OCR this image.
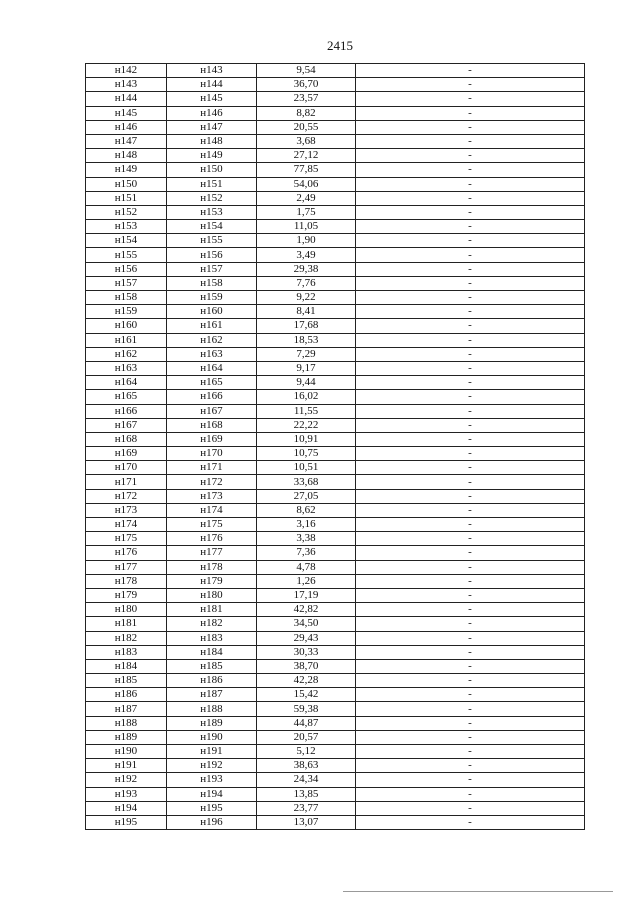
2415
н142	н143	9,54	-
н143	н144	36,70	-
н144	н145	23,57	-
н145	н146	8,82	-
н146	н147	20,55	-
н147	н148	3,68	-
н148	н149	27,12	-
н149	н150	77,85	-
н150	н151	54,06	-
н151	н152	2,49	-
н152	н153	1,75	-
н153	н154	11,05	-
н154	н155	1,90	-
н155	н156	3,49	-
н156	н157	29,38	-
н157	н158	7,76	-
н158	н159	9,22	-
н159	н160	8,41	-
н160	н161	17,68	-
н161	н162	18,53	-
н162	н163	7,29	-
н163	н164	9,17	-
н164	н165	9,44	-
н165	н166	16,02	-
н166	н167	11,55	-
н167	н168	22,22	-
н168	н169	10,91	-
н169	н170	10,75	-
н170	н171	10,51	-
н171	н172	33,68	-
н172	н173	27,05	-
н173	н174	8,62	-
н174	н175	3,16	-
н175	н176	3,38	-
н176	н177	7,36	-
н177	н178	4,78	-
н178	н179	1,26	-
н179	н180	17,19	-
н180	н181	42,82	-
н181	н182	34,50	-
н182	н183	29,43	-
н183	н184	30,33	-
н184	н185	38,70	-
н185	н186	42,28	-
н186	н187	15,42	-
н187	н188	59,38	-
н188	н189	44,87	-
н189	н190	20,57	-
н190	н191	5,12	-
н191	н192	38,63	-
н192	н193	24,34	-
н193	н194	13,85	-
н194	н195	23,77	-
н195	н196	13,07	-
